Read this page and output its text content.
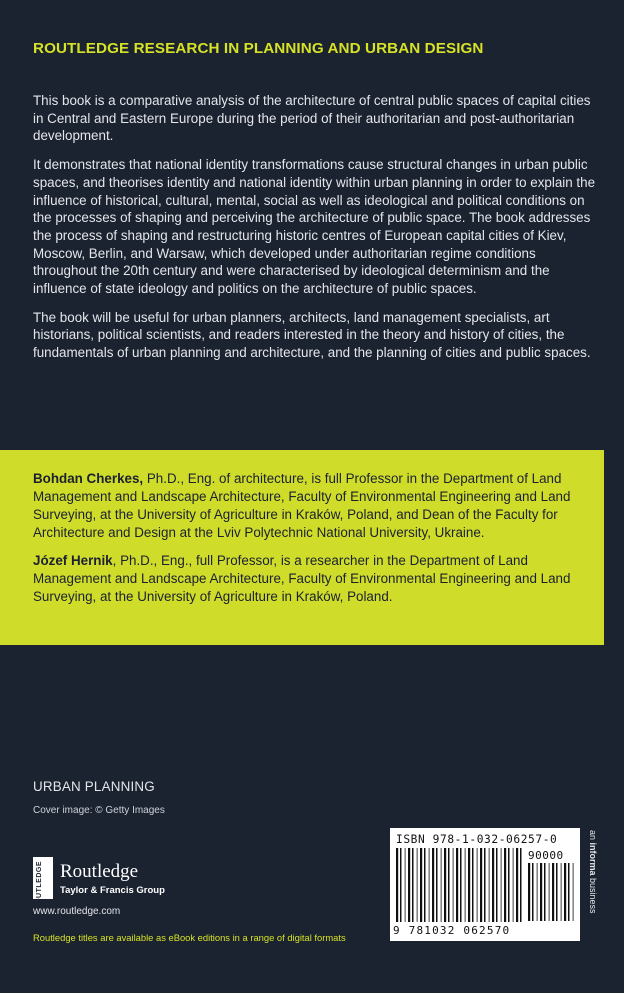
ROUTLEDGE RESEARCH IN PLANNING AND URBAN DESIGN

This book is a comparative analysis of the architecture of central public spaces of capital cities in Central and Eastern Europe during the period of their authoritarian and post-authoritarian development.

It demonstrates that national identity transformations cause structural changes in urban public spaces, and theorises identity and national identity within urban planning in order to explain the influence of historical, cultural, mental, social as well as ideological and political conditions on the processes of shaping and perceiving the architecture of public space. The book addresses the process of shaping and restructuring historic centres of European capital cities of Kiev, Moscow, Berlin, and Warsaw, which developed under authoritarian regime conditions throughout the 20th century and were characterised by ideological determinism and the influence of state ideology and politics on the architecture of public spaces.

The book will be useful for urban planners, architects, land management specialists, art historians, political scientists, and readers interested in the theory and history of cities, the fundamentals of urban planning and architecture, and the planning of cities and public spaces.

Bohdan Cherkes, Ph.D., Eng. of architecture, is full Professor in the Department of Land Management and Landscape Architecture, Faculty of Environmental Engineering and Land Surveying, at the University of Agriculture in Kraków, Poland, and Dean of the Faculty for Architecture and Design at the Lviv Polytechnic National University, Ukraine.

Józef Hernik, Ph.D., Eng., full Professor, is a researcher in the Department of Land Management and Landscape Architecture, Faculty of Environmental Engineering and Land Surveying, at the University of Agriculture in Kraków, Poland.

URBAN PLANNING
Cover image: © Getty Images
ROUTLEDGE Routledge
Taylor & Francis Group
www.routledge.com
Routledge titles are available as eBook editions in a range of digital formats
ISBN 978-1-032-06257-0
90000
9 781032 062570
an informa business
